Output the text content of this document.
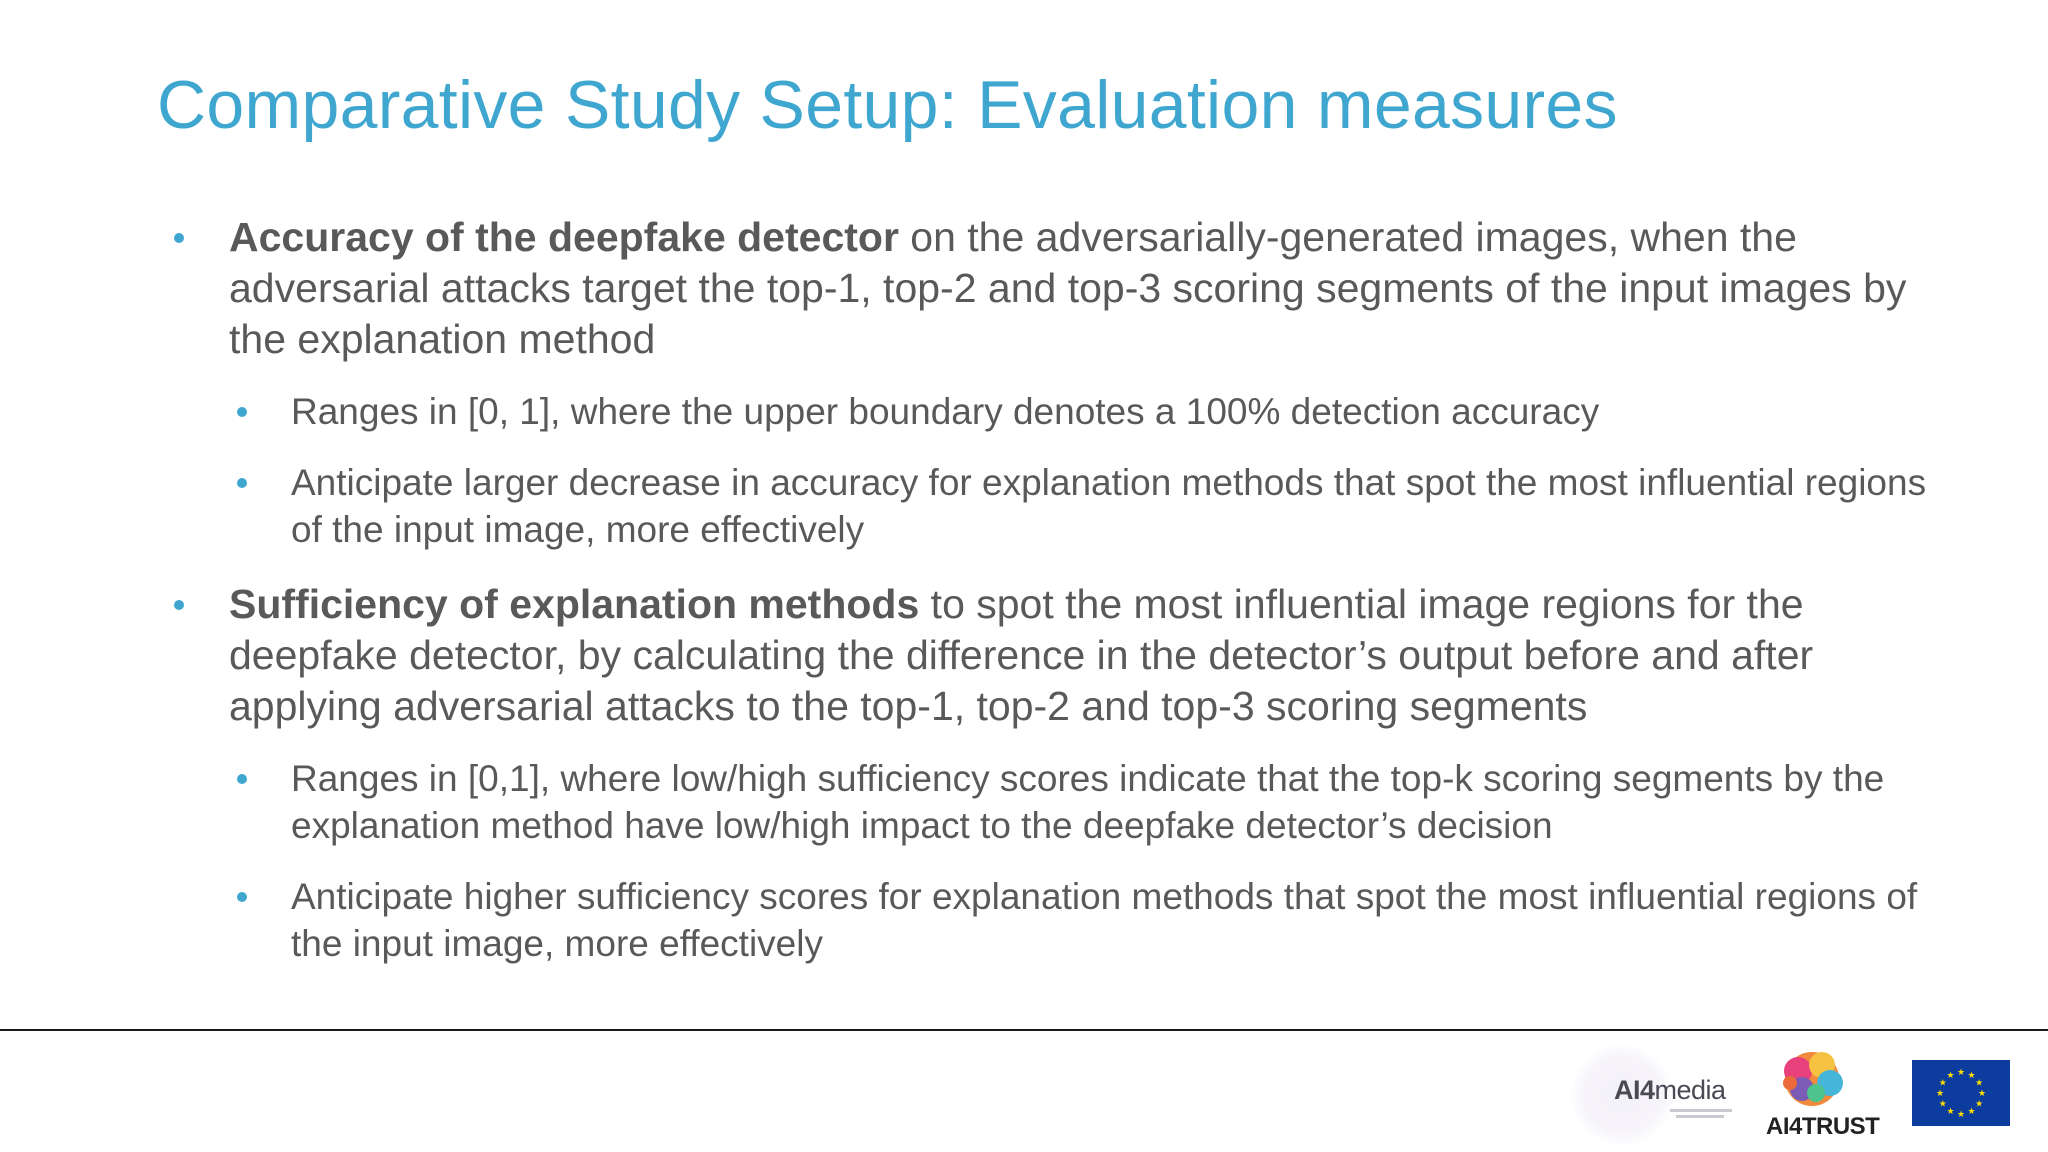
Comparative Study Setup: Evaluation measures
Accuracy of the deepfake detector on the adversarially-generated images, when the adversarial attacks target the top-1, top-2 and top-3 scoring segments of the input images by the explanation method
Ranges in [0, 1], where the upper boundary denotes a 100% detection accuracy
Anticipate larger decrease in accuracy for explanation methods that spot the most influential regions of the input image, more effectively
Sufficiency of explanation methods to spot the most influential image regions for the deepfake detector, by calculating the difference in the detector’s output before and after applying adversarial attacks to the top-1, top-2 and top-3 scoring segments
Ranges in [0,1], where low/high sufficiency scores indicate that the top-k scoring segments by the explanation method have low/high impact to the deepfake detector’s decision
Anticipate higher sufficiency scores for explanation methods that spot the most influential regions of the input image, more effectively
AI4media
AI4TRUST
★ ★
★
★
★
★
★
★
★
★
★
★
